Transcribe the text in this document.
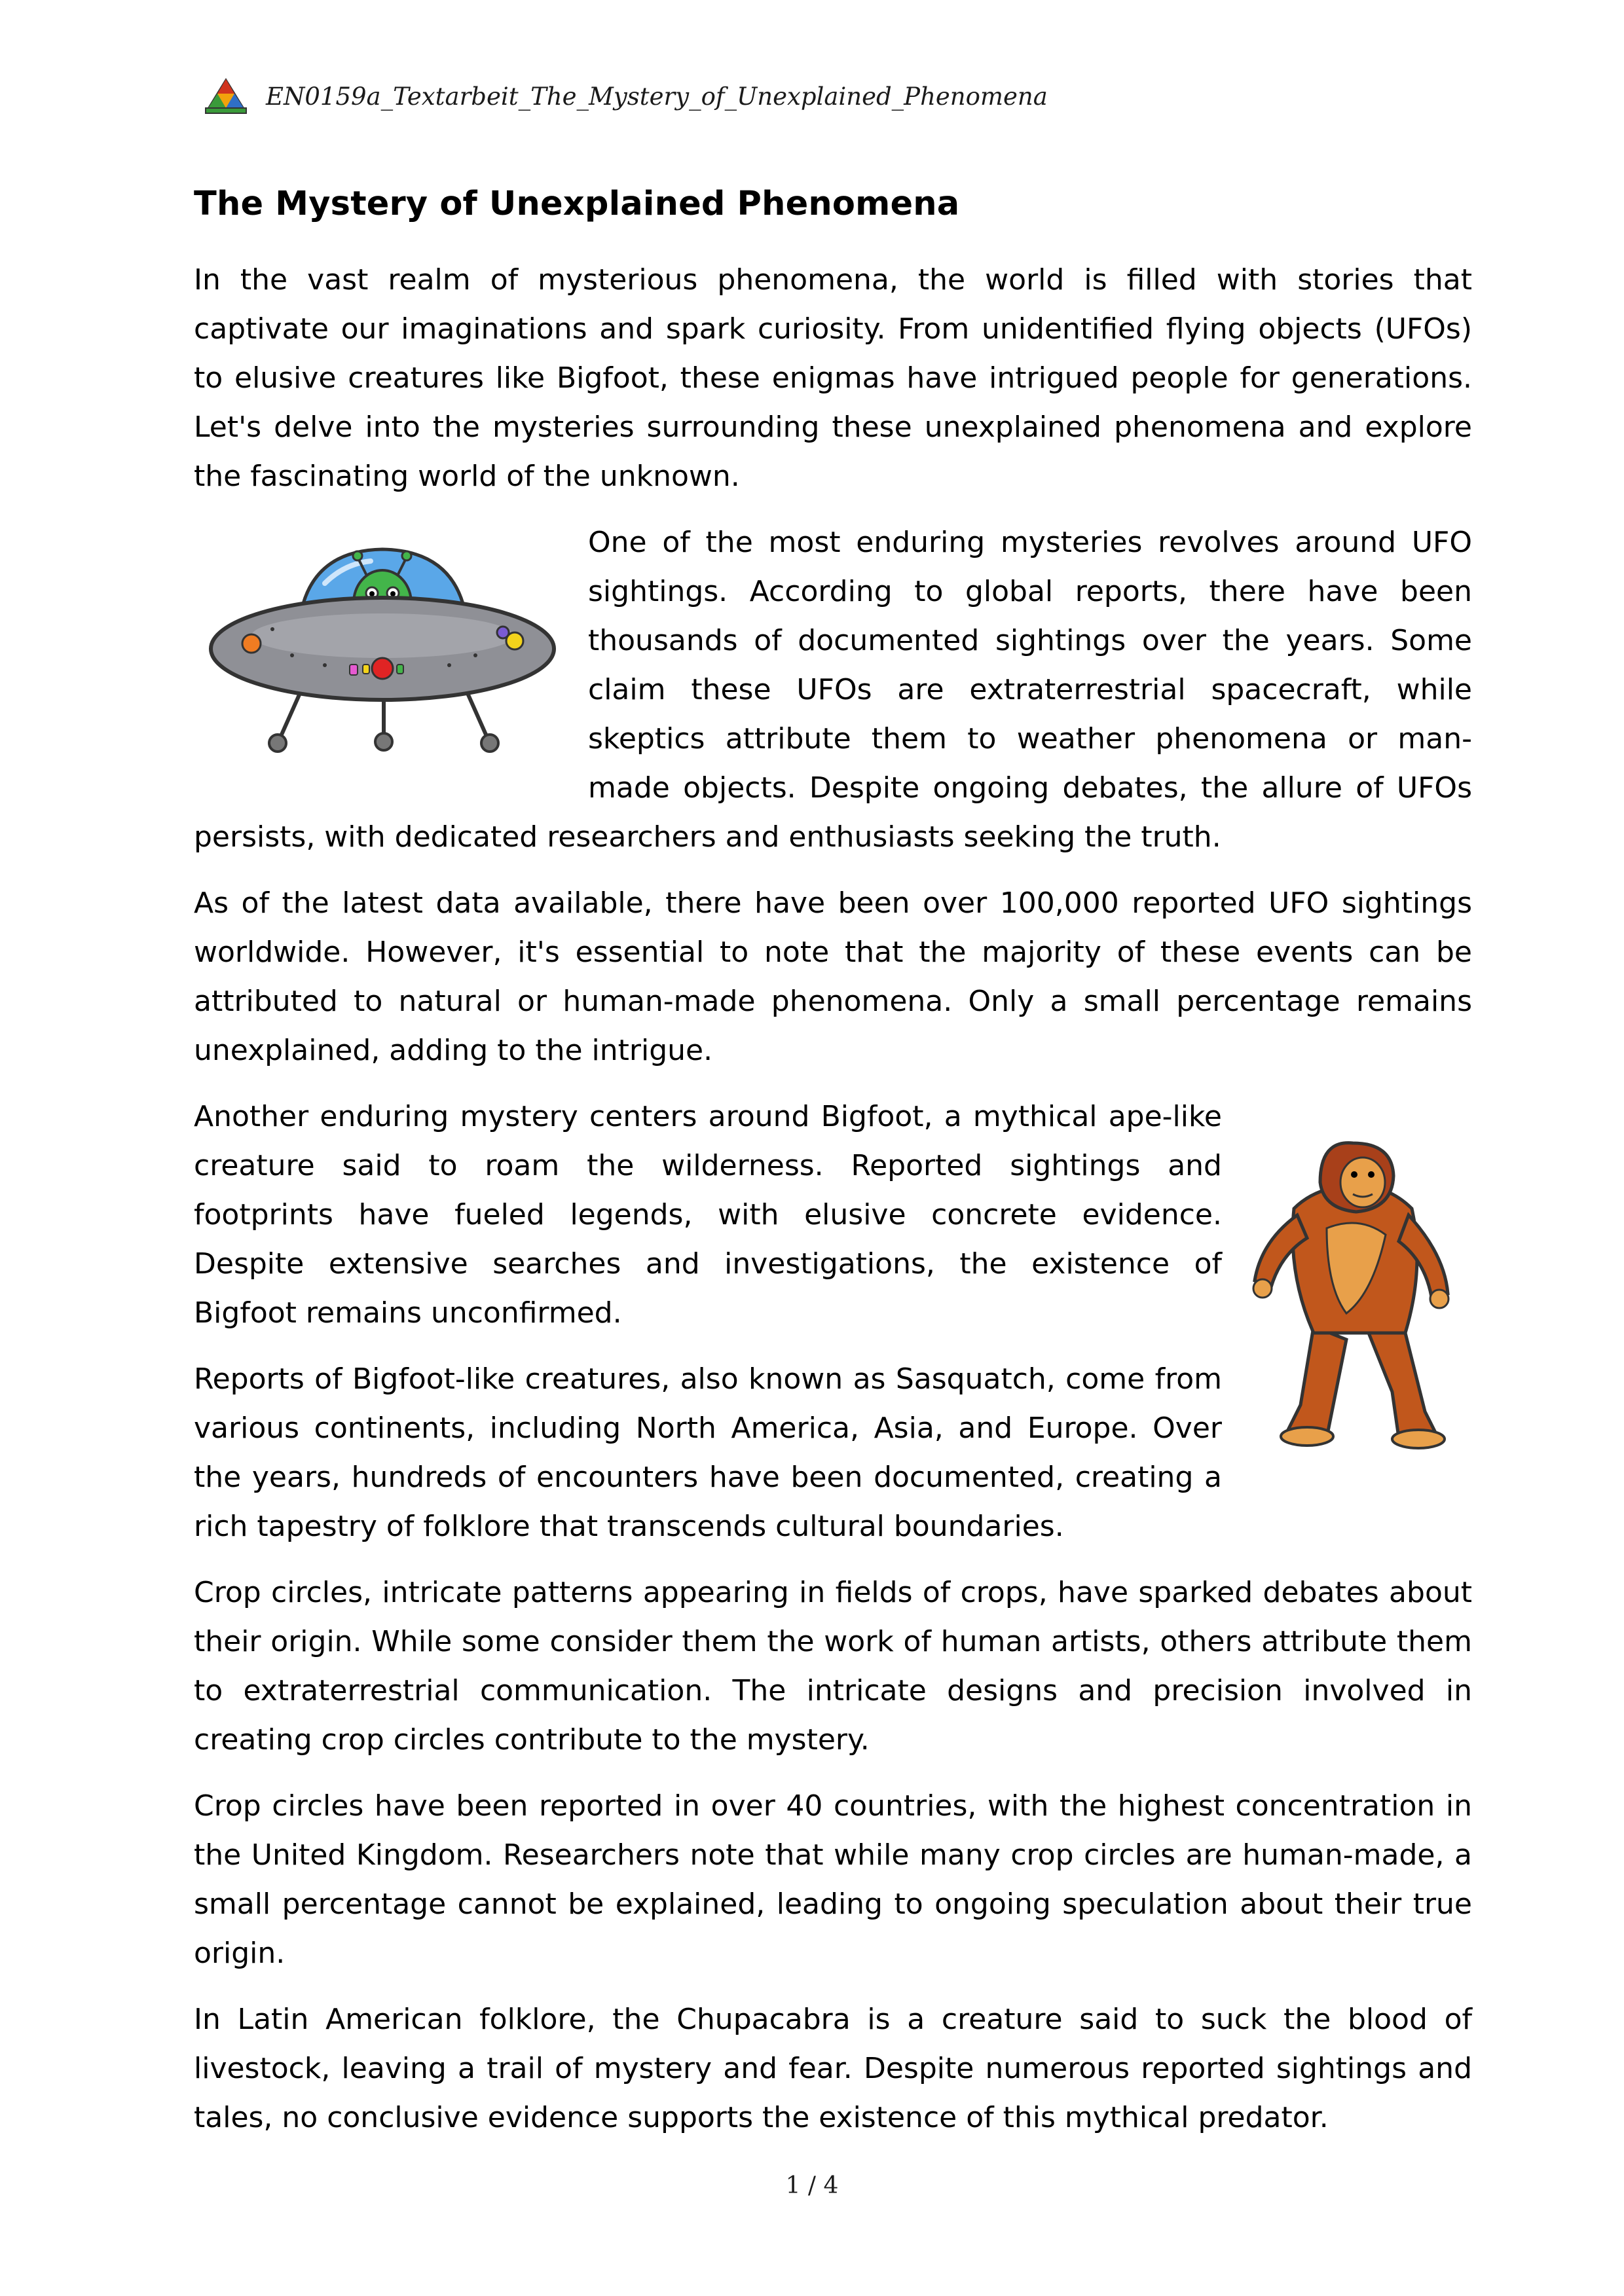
EN0159a_Textarbeit_The_Mystery_of_Unexplained_Phenomena
The Mystery of Unexplained Phenomena

In the vast realm of mysterious phenomena, the world is filled with stories that captivate our imaginations and spark curiosity. From unidentified flying objects (UFOs) to elusive creatures like Bigfoot, these enigmas have intrigued people for generations. Let's delve into the mysteries surrounding these unexplained phenomena and explore the fascinating world of the unknown.

One of the most enduring mysteries revolves around UFO sightings. According to global reports, there have been thousands of documented sightings over the years. Some claim these UFOs are extraterrestrial spacecraft, while skeptics attribute them to weather phenomena or man-made objects. Despite ongoing debates, the allure of UFOs persists, with dedicated researchers and enthusiasts seeking the truth.

As of the latest data available, there have been over 100,000 reported UFO sightings worldwide. However, it's essential to note that the majority of these events can be attributed to natural or human-made phenomena. Only a small percentage remains unexplained, adding to the intrigue.

Another enduring mystery centers around Bigfoot, a mythical ape-like creature said to roam the wilderness. Reported sightings and footprints have fueled legends, with elusive concrete evidence. Despite extensive searches and investigations, the existence of Bigfoot remains unconfirmed.

Reports of Bigfoot-like creatures, also known as Sasquatch, come from various continents, including North America, Asia, and Europe. Over the years, hundreds of encounters have been documented, creating a rich tapestry of folklore that transcends cultural boundaries.

Crop circles, intricate patterns appearing in fields of crops, have sparked debates about their origin. While some consider them the work of human artists, others attribute them to extraterrestrial communication. The intricate designs and precision involved in creating crop circles contribute to the mystery.

Crop circles have been reported in over 40 countries, with the highest concentration in the United Kingdom. Researchers note that while many crop circles are human-made, a small percentage cannot be explained, leading to ongoing speculation about their true origin.

In Latin American folklore, the Chupacabra is a creature said to suck the blood of livestock, leaving a trail of mystery and fear. Despite numerous reported sightings and tales, no conclusive evidence supports the existence of this mythical predator.

1 / 4
